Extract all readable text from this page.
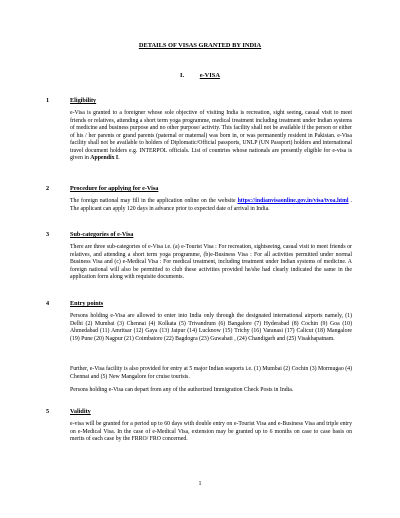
DETAILS OF VISAS GRANTED BY INDIA
I. e-VISA
1	Eligibility
e-Visa is granted to a foreigner whose sole objective of visiting India is recreation, sight seeing, casual visit to meet friends or relatives, attending a short term yoga programme, medical treatment including treatment under Indian systems of medicine and business purpose and no other purpose/ activity. This facility shall not be available if the person or either of his / her parents or grand parents (paternal or maternal) was born in, or was permanently resident in Pakistan. e-Visa facility shall not be available to holders of Diplomatic/Official passports, UNLP (UN Passport) holders and international travel document holders e.g. INTERPOL officials. List of countries whose nationals are presently eligible for e-visa is given in Appendix I.
2	Procedure for applying for e-Visa
The foreign national may fill in the application online on the website https://indianvisaonline.gov.in/visa/tvoa.html . The applicant can apply 120 days in advance prior to expected date of arrival in India.
3	Sub-categories of e-Visa
There are three sub-categories of e-Visa i.e. (a) e-Tourist Visa : For recreation, sightseeing, casual visit to meet friends or relatives, and attending a short term yoga programme, (b)e-Business Visa : For all activities permitted under normal Business Visa and (c) e-Medical Visa : For medical treatment, including treatment under Indian systems of medicine. A foreign national will also be permitted to club these activities provided he/she had clearly indicated the same in the application form along with requisite documents.
4	Entry points
Persons holding e-Visa are allowed to enter into India only through the designated international airports namely, (1) Delhi (2) Mumbai (3) Chennai (4) Kolkata (5) Trivandrum (6) Bangalore (7) Hyderabad (8) Cochin (9) Goa (10) Ahmedabad (11) Amritsar (12) Gaya (13) Jaipur (14) Lucknow (15) Trichy (16) Varanasi (17) Calicut (18) Mangalore (19) Pune (20) Nagpur (21) Coimbatore (22) Bagdogra (23) Guwahati , (24) Chandigarh and (25) Visakhapatnam.
Further, e-Visa facility is also provided for entry at 5 major Indian seaports i.e. (1) Mumbai (2) Cochin (3) Mormugao (4) Chennai and (5) New Mangalore for cruise tourists.
Persons holding e-Visa can depart from any of the authorized Immigration Check Posts in India.
5	Validity
e-visa will be granted for a period up to 60 days with double entry on e-Tourist Visa and e-Business Visa and triple entry on e-Medical Visa. In the case of e-Medical Visa, extension may be granted up to 6 months on case to case basis on merits of each case by the FRRO/ FRO concerned.
1
